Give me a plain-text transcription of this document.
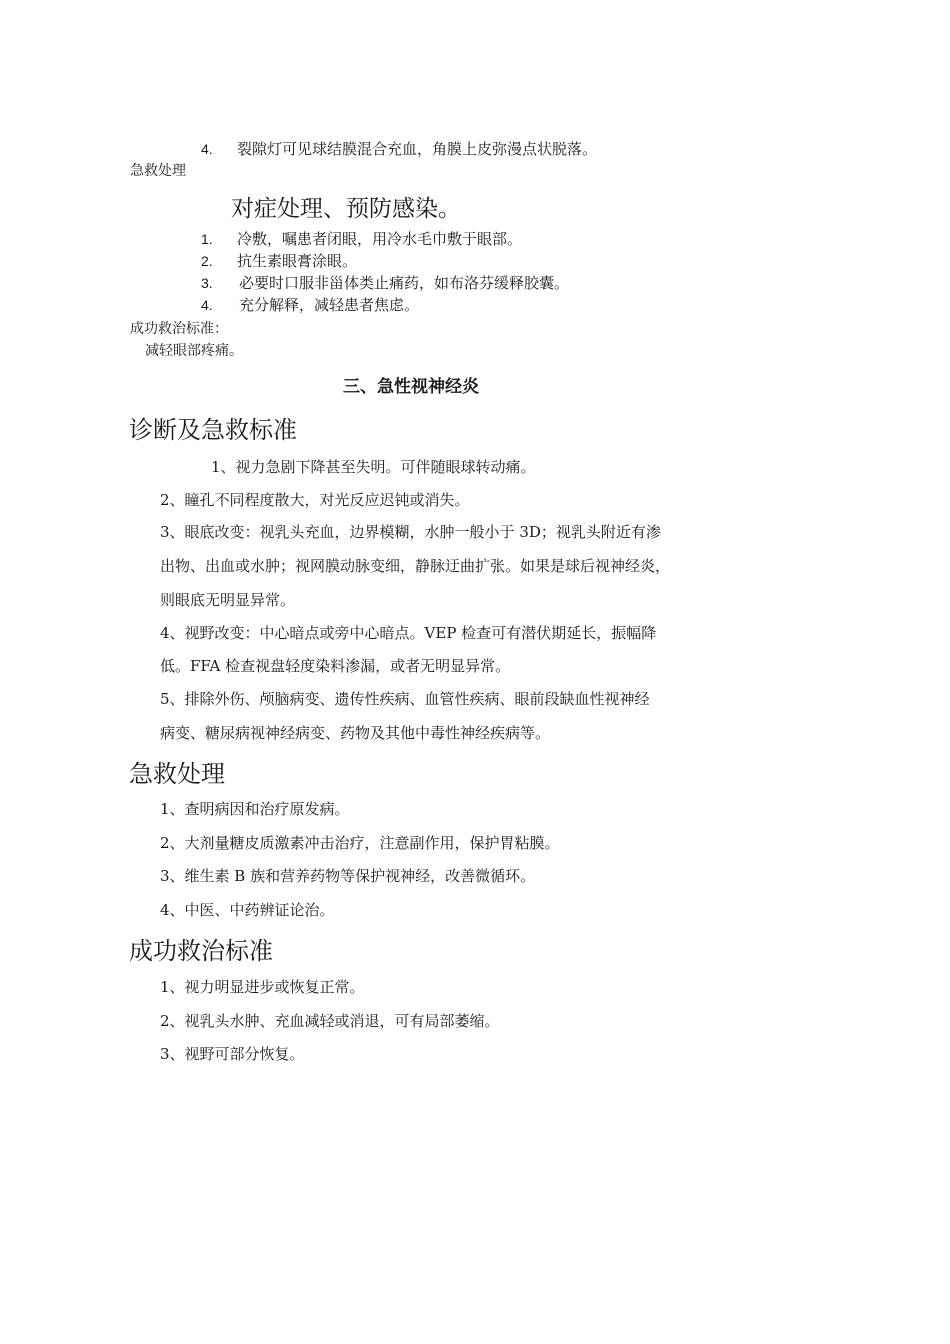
4.	裂隙灯可见球结膜混合充血，角膜上皮弥漫点状脱落。
急救处理
对症处理、预防感染。
1.	冷敷，嘱患者闭眼，用冷水毛巾敷于眼部。
2.	抗生素眼膏涂眼。
3.	必要时口服非甾体类止痛药，如布洛芬缓释胶囊。
4.	充分解释，减轻患者焦虑。
成功救治标准：
减轻眼部疼痛。
三、急性视神经炎
诊断及急救标准
1、视力急剧下降甚至失明。可伴随眼球转动痛。
2、瞳孔不同程度散大，对光反应迟钝或消失。
3、眼底改变：视乳头充血，边界模糊，水肿一般小于 3D；视乳头附近有渗
出物、出血或水肿；视网膜动脉变细，静脉迂曲扩张。如果是球后视神经炎，
则眼底无明显异常。
4、视野改变：中心暗点或旁中心暗点。VEP 检查可有潜伏期延长，振幅降
低。FFA 检查视盘轻度染料渗漏，或者无明显异常。
5、排除外伤、颅脑病变、遗传性疾病、血管性疾病、眼前段缺血性视神经
病变、糖尿病视神经病变、药物及其他中毒性神经疾病等。
急救处理
1、查明病因和治疗原发病。
2、大剂量糖皮质激素冲击治疗，注意副作用，保护胃粘膜。
3、维生素 B 族和营养药物等保护视神经，改善微循环。
4、中医、中药辨证论治。
成功救治标准
1、视力明显进步或恢复正常。
2、视乳头水肿、充血减轻或消退，可有局部萎缩。
3、视野可部分恢复。
